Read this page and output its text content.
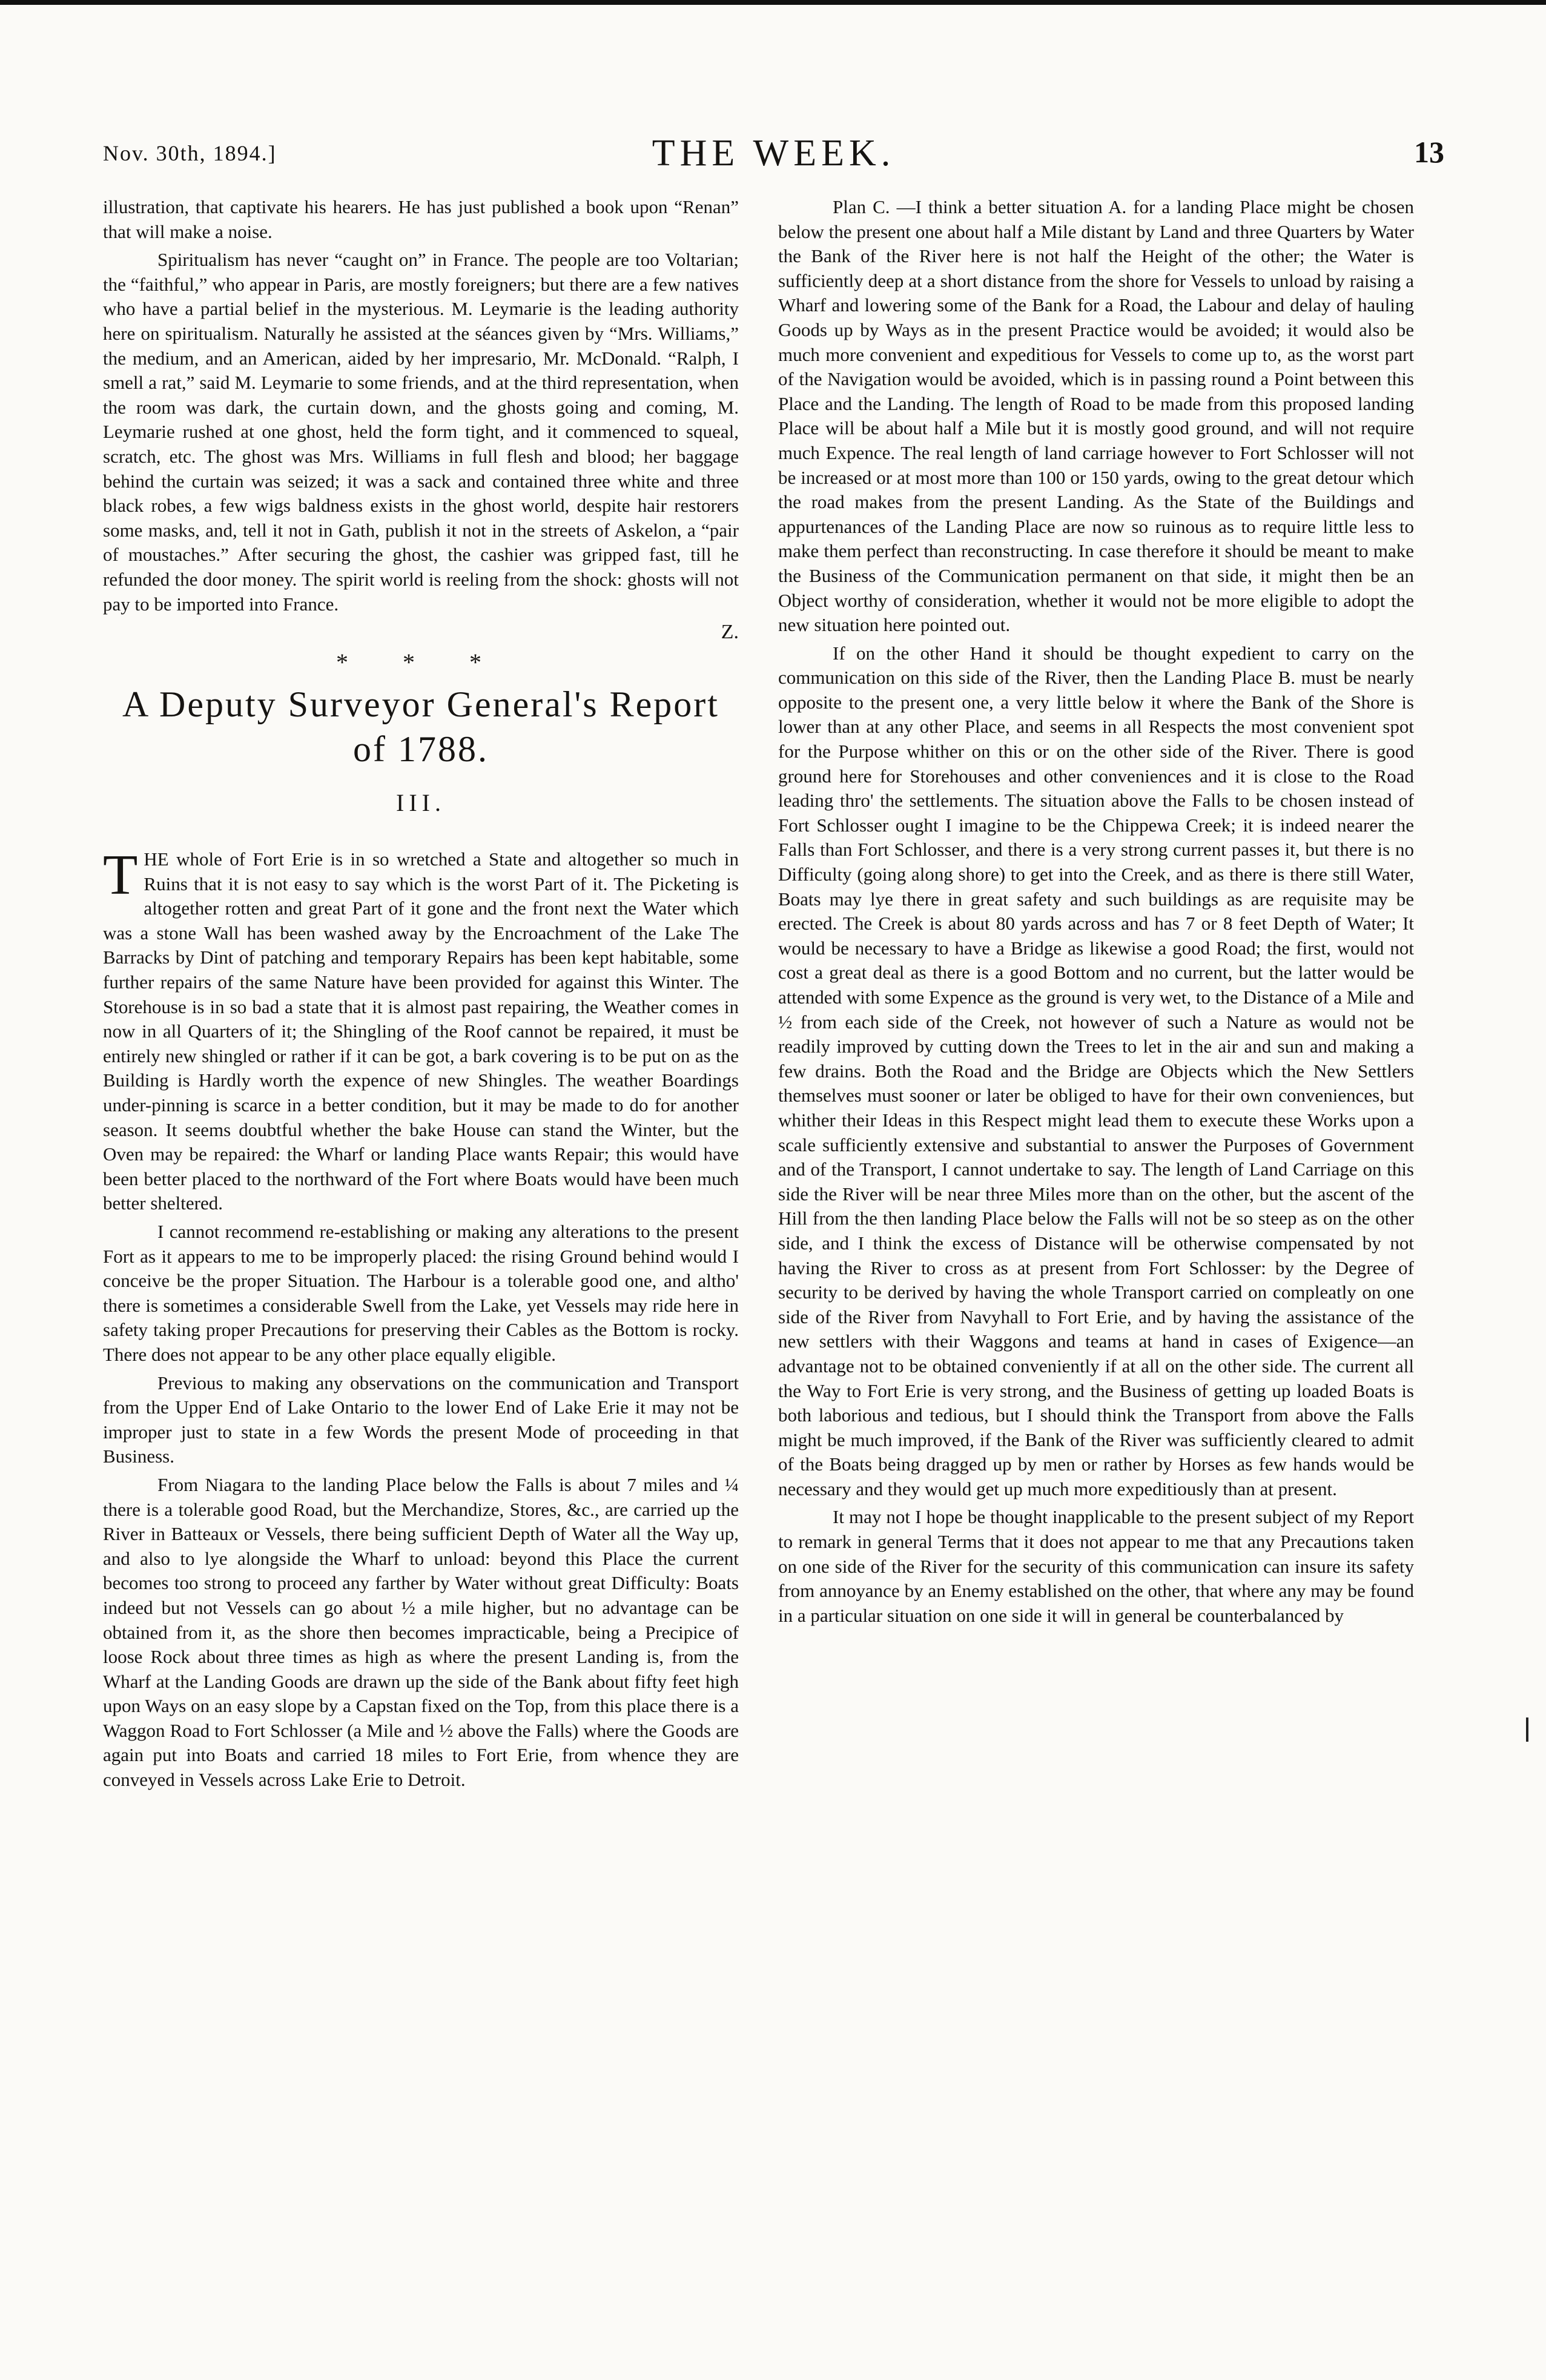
Nov. 30th, 1894.]	THE WEEK.	13

illustration, that captivate his hearers. He has just published a book upon “Renan” that will make a noise.

Spiritualism has never “caught on” in France. The people are too Voltarian; the “faithful,” who appear in Paris, are mostly foreigners; but there are a few natives who have a partial belief in the mysterious. M. Leymarie is the leading authority here on spiritualism. Naturally he assisted at the séances given by “Mrs. Williams,” the medium, and an American, aided by her impresario, Mr. McDonald. “Ralph, I smell a rat,” said M. Leymarie to some friends, and at the third representation, when the room was dark, the curtain down, and the ghosts going and coming, M. Leymarie rushed at one ghost, held the form tight, and it commenced to squeal, scratch, etc. The ghost was Mrs. Williams in full flesh and blood; her baggage behind the curtain was seized; it was a sack and contained three white and three black robes, a few wigs baldness exists in the ghost world, despite hair restorers some masks, and, tell it not in Gath, publish it not in the streets of Askelon, a “pair of moustaches.” After securing the ghost, the cashier was gripped fast, till he refunded the door money. The spirit world is reeling from the shock: ghosts will not pay to be imported into France.

Z.

* * *
A Deputy Surveyor General's Report of 1788.
III.

THE whole of Fort Erie is in so wretched a State and altogether so much in Ruins that it is not easy to say which is the worst Part of it. The Picketing is altogether rotten and great Part of it gone and the front next the Water which was a stone Wall has been washed away by the Encroachment of the Lake The Barracks by Dint of patching and temporary Repairs has been kept habitable, some further repairs of the same Nature have been provided for against this Winter. The Storehouse is in so bad a state that it is almost past repairing, the Weather comes in now in all Quarters of it; the Shingling of the Roof cannot be repaired, it must be entirely new shingled or rather if it can be got, a bark covering is to be put on as the Building is Hardly worth the expence of new Shingles. The weather Boardings under-pinning is scarce in a better condition, but it may be made to do for another season. It seems doubtful whether the bake House can stand the Winter, but the Oven may be repaired: the Wharf or landing Place wants Repair; this would have been better placed to the northward of the Fort where Boats would have been much better sheltered.

I cannot recommend re-establishing or making any alterations to the present Fort as it appears to me to be improperly placed: the rising Ground behind would I conceive be the proper Situation. The Harbour is a tolerable good one, and altho' there is sometimes a considerable Swell from the Lake, yet Vessels may ride here in safety taking proper Precautions for preserving their Cables as the Bottom is rocky. There does not appear to be any other place equally eligible.

Previous to making any observations on the communication and Transport from the Upper End of Lake Ontario to the lower End of Lake Erie it may not be improper just to state in a few Words the present Mode of proceeding in that Business.

From Niagara to the landing Place below the Falls is about 7 miles and ¼ there is a tolerable good Road, but the Merchandize, Stores, &c., are carried up the River in Batteaux or Vessels, there being sufficient Depth of Water all the Way up, and also to lye alongside the Wharf to unload: beyond this Place the current becomes too strong to proceed any farther by Water without great Difficulty: Boats indeed but not Vessels can go about ½ a mile higher, but no advantage can be obtained from it, as the shore then becomes impracticable, being a Precipice of loose Rock about three times as high as where the present Landing is, from the Wharf at the Landing Goods are drawn up the side of the Bank about fifty feet high upon Ways on an easy slope by a Capstan fixed on the Top, from this place there is a Waggon Road to Fort Schlosser (a Mile and ½ above the Falls) where the Goods are again put into Boats and carried 18 miles to Fort Erie, from whence they are conveyed in Vessels across Lake Erie to Detroit.

Plan C. —I think a better situation A. for a landing Place might be chosen below the present one about half a Mile distant by Land and three Quarters by Water the Bank of the River here is not half the Height of the other; the Water is sufficiently deep at a short distance from the shore for Vessels to unload by raising a Wharf and lowering some of the Bank for a Road, the Labour and delay of hauling Goods up by Ways as in the present Practice would be avoided; it would also be much more convenient and expeditious for Vessels to come up to, as the worst part of the Navigation would be avoided, which is in passing round a Point between this Place and the Landing. The length of Road to be made from this proposed landing Place will be about half a Mile but it is mostly good ground, and will not require much Expence. The real length of land carriage however to Fort Schlosser will not be increased or at most more than 100 or 150 yards, owing to the great detour which the road makes from the present Landing. As the State of the Buildings and appurtenances of the Landing Place are now so ruinous as to require little less to make them perfect than reconstructing. In case therefore it should be meant to make the Business of the Communication permanent on that side, it might then be an Object worthy of consideration, whether it would not be more eligible to adopt the new situation here pointed out.

If on the other Hand it should be thought expedient to carry on the communication on this side of the River, then the Landing Place B. must be nearly opposite to the present one, a very little below it where the Bank of the Shore is lower than at any other Place, and seems in all Respects the most convenient spot for the Purpose whither on this or on the other side of the River. There is good ground here for Storehouses and other conveniences and it is close to the Road leading thro' the settlements. The situation above the Falls to be chosen instead of Fort Schlosser ought I imagine to be the Chippewa Creek; it is indeed nearer the Falls than Fort Schlosser, and there is a very strong current passes it, but there is no Difficulty (going along shore) to get into the Creek, and as there is there still Water, Boats may lye there in great safety and such buildings as are requisite may be erected. The Creek is about 80 yards across and has 7 or 8 feet Depth of Water; It would be necessary to have a Bridge as likewise a good Road; the first, would not cost a great deal as there is a good Bottom and no current, but the latter would be attended with some Expence as the ground is very wet, to the Distance of a Mile and ½ from each side of the Creek, not however of such a Nature as would not be readily improved by cutting down the Trees to let in the air and sun and making a few drains. Both the Road and the Bridge are Objects which the New Settlers themselves must sooner or later be obliged to have for their own conveniences, but whither their Ideas in this Respect might lead them to execute these Works upon a scale sufficiently extensive and substantial to answer the Purposes of Government and of the Transport, I cannot undertake to say. The length of Land Carriage on this side the River will be near three Miles more than on the other, but the ascent of the Hill from the then landing Place below the Falls will not be so steep as on the other side, and I think the excess of Distance will be otherwise compensated by not having the River to cross as at present from Fort Schlosser: by the Degree of security to be derived by having the whole Transport carried on compleatly on one side of the River from Navyhall to Fort Erie, and by having the assistance of the new settlers with their Waggons and teams at hand in cases of Exigence—an advantage not to be obtained conveniently if at all on the other side. The current all the Way to Fort Erie is very strong, and the Business of getting up loaded Boats is both laborious and tedious, but I should think the Transport from above the Falls might be much improved, if the Bank of the River was sufficiently cleared to admit of the Boats being dragged up by men or rather by Horses as few hands would be necessary and they would get up much more expeditiously than at present.

It may not I hope be thought inapplicable to the present subject of my Report to remark in general Terms that it does not appear to me that any Precautions taken on one side of the River for the security of this communication can insure its safety from annoyance by an Enemy established on the other, that where any may be found in a particular situation on one side it will in general be counterbalanced by
